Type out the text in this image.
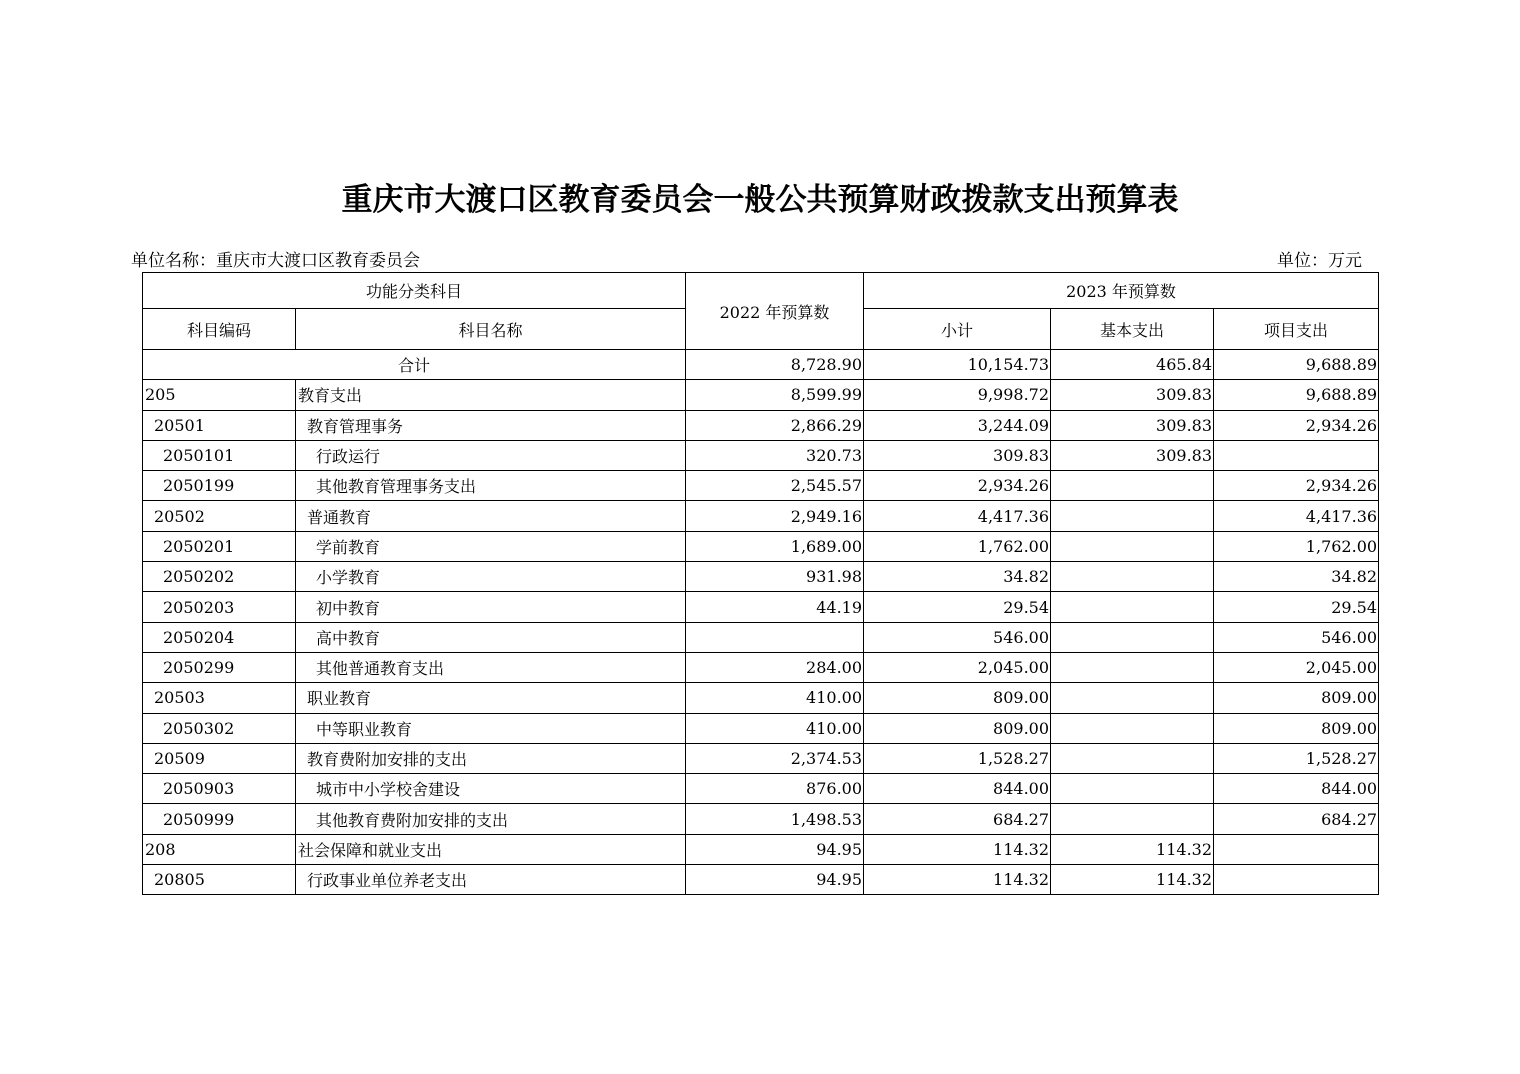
重庆市大渡口区教育委员会一般公共预算财政拨款支出预算表
单位名称：重庆市大渡口区教育委员会	单位：万元
功能分类科目		2022 年预算数	2023 年预算数		
科目编码	科目名称		小计	基本支出	项目支出
合计		8,728.90	10,154.73	465.84	9,688.89
205	教育支出	8,599.99	9,998.72	309.83	9,688.89
20501	教育管理事务	2,866.29	3,244.09	309.83	2,934.26
2050101	行政运行	320.73	309.83	309.83	
2050199	其他教育管理事务支出	2,545.57	2,934.26		2,934.26
20502	普通教育	2,949.16	4,417.36		4,417.36
2050201	学前教育	1,689.00	1,762.00		1,762.00
2050202	小学教育	931.98	34.82		34.82
2050203	初中教育	44.19	29.54		29.54
2050204	高中教育		546.00		546.00
2050299	其他普通教育支出	284.00	2,045.00		2,045.00
20503	职业教育	410.00	809.00		809.00
2050302	中等职业教育	410.00	809.00		809.00
20509	教育费附加安排的支出	2,374.53	1,528.27		1,528.27
2050903	城市中小学校舍建设	876.00	844.00		844.00
2050999	其他教育费附加安排的支出	1,498.53	684.27		684.27
208	社会保障和就业支出	94.95	114.32	114.32	
20805	行政事业单位养老支出	94.95	114.32	114.32	
